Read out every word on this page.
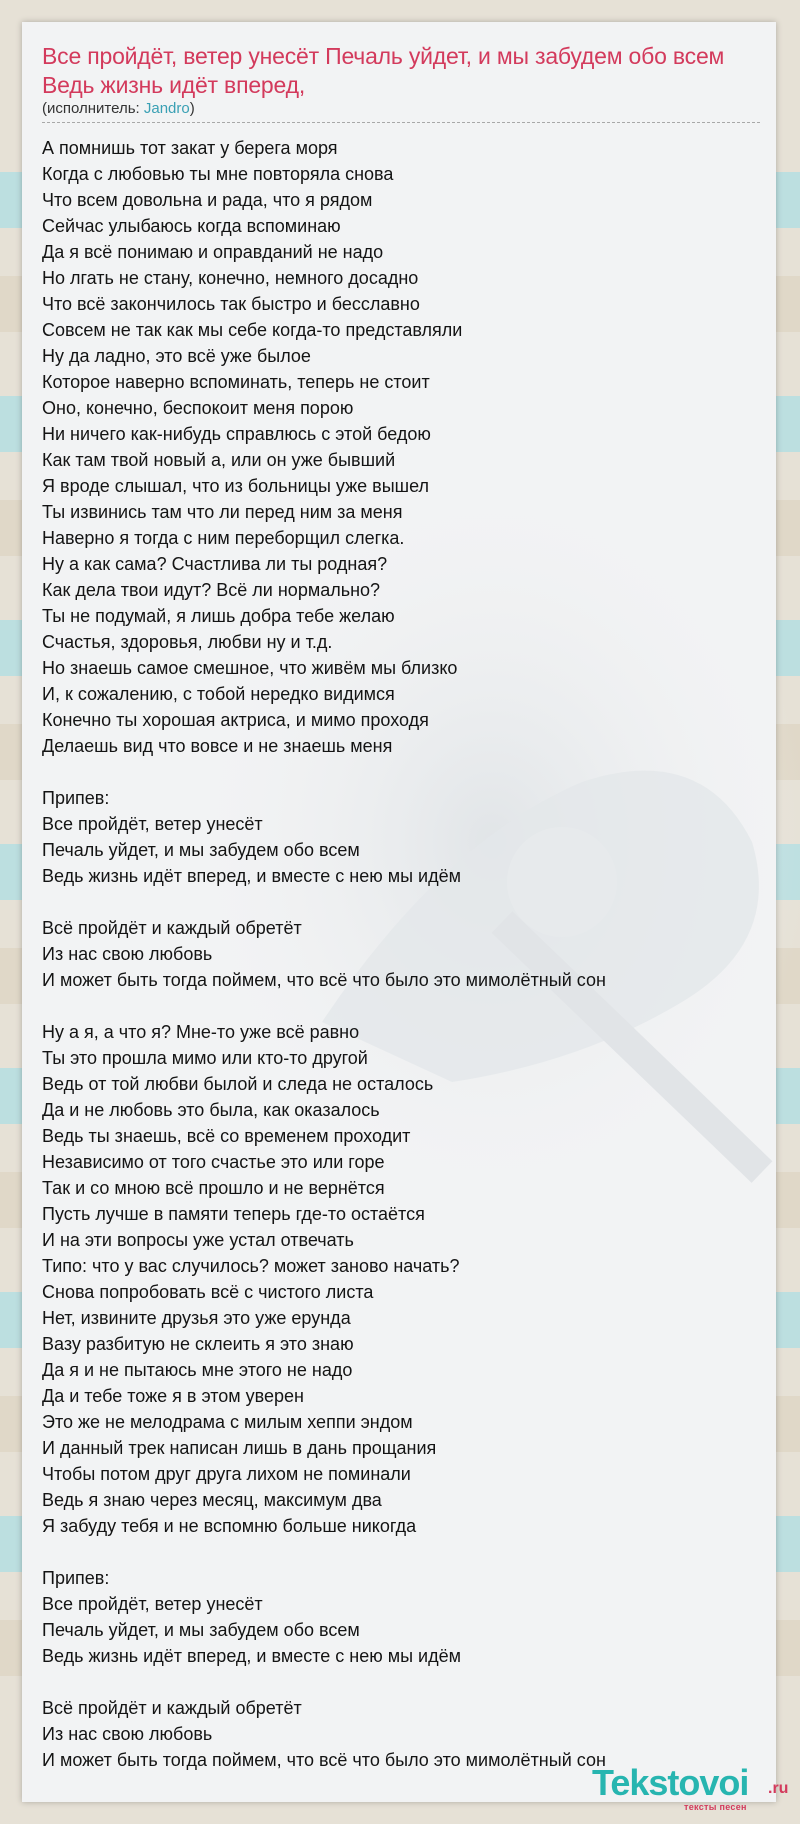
Все пройдёт, ветер унесёт Печаль уйдет, и мы забудем обо всем Ведь жизнь идёт вперед,
(исполнитель: Jandro)
А помнишь тот закат у берега моря
Когда с любовью ты мне повторяла снова
Что всем довольна и рада, что я рядом
Сейчас улыбаюсь когда вспоминаю
Да я всё понимаю и оправданий не надо
Но лгать не стану, конечно, немного досадно
Что всё закончилось так быстро и бесславно
Совсем не так как мы себе когда-то представляли
Ну да ладно, это всё уже былое
Которое наверно вспоминать, теперь не стоит
Оно, конечно, беспокоит меня порою
Ни ничего как-нибудь справлюсь с этой бедою
Как там твой новый а, или он уже бывший
Я вроде слышал, что из больницы уже вышел
Ты извинись там что ли перед ним за меня
Наверно я тогда с ним переборщил слегка.
Ну а как сама? Счастлива ли ты родная?
Как дела твои идут? Всё ли нормально?
Ты не подумай, я лишь добра тебе желаю
Счастья, здоровья, любви ну и т.д.
Но знаешь самое смешное, что живём мы близко
И, к сожалению, с тобой нередко видимся
Конечно ты хорошая актриса, и мимо проходя
Делаешь вид что вовсе и не знаешь меня
Припев:
Все пройдёт, ветер унесёт
Печаль уйдет, и мы забудем обо всем
Ведь жизнь идёт вперед, и вместе с нею мы идём
Всё пройдёт и каждый обретёт
Из нас свою любовь
И может быть тогда поймем, что всё что было это мимолётный сон
Ну а я, а что я? Мне-то уже всё равно
Ты это прошла мимо или кто-то другой
Ведь от той любви былой и следа не осталось
Да и не любовь это была, как оказалось
Ведь ты знаешь, всё со временем проходит
Независимо от того счастье это или горе
Так и со мною всё прошло и не вернётся
Пусть лучше в памяти теперь где-то остаётся
И на эти вопросы уже устал отвечать
Типо: что у вас случилось? может заново начать?
Снова попробовать всё с чистого листа
Нет, извините друзья это уже ерунда
Вазу разбитую не склеить я это знаю
Да я и не пытаюсь мне этого не надо
Да и тебе тоже я в этом уверен
Это же не мелодрама с милым хеппи эндом
И данный трек написан лишь в дань прощания
Чтобы потом друг друга лихом не поминали
Ведь я знаю через месяц, максимум два
Я забуду тебя и не вспомню больше никогда
Припев:
Все пройдёт, ветер унесёт
Печаль уйдет, и мы забудем обо всем
Ведь жизнь идёт вперед, и вместе с нею мы идём
Всё пройдёт и каждый обретёт
Из нас свою любовь
И может быть тогда поймем, что всё что было это мимолётный сон
Tekstovoi .ru
тексты песен
